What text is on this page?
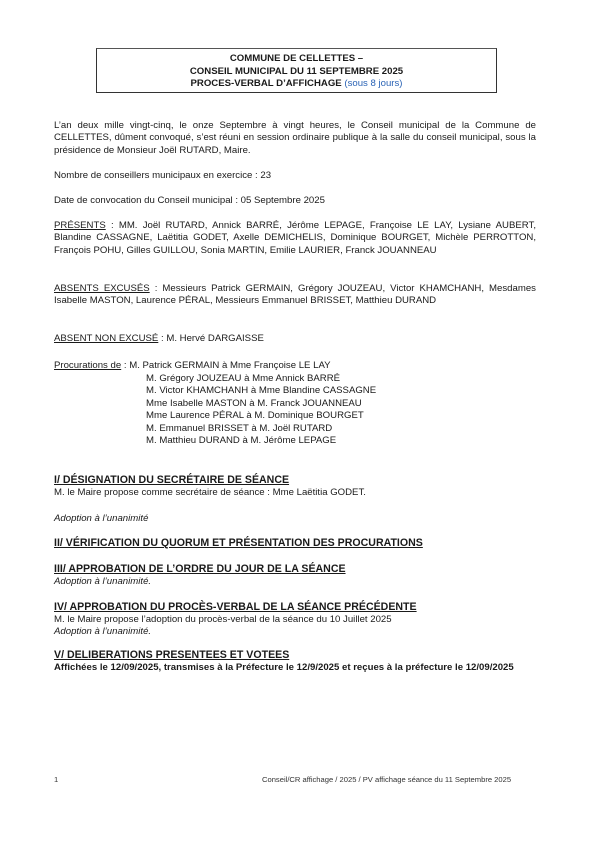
COMMUNE DE CELLETTES –
CONSEIL MUNICIPAL DU 11 SEPTEMBRE 2025
PROCES-VERBAL D’AFFICHAGE (sous 8 jours)
L’an deux mille vingt-cinq, le onze Septembre à vingt heures, le Conseil municipal de la Commune de CELLETTES, dûment convoqué, s’est réuni en session ordinaire publique à la salle du conseil municipal, sous la présidence de Monsieur Joël RUTARD, Maire.
Nombre de conseillers municipaux en exercice : 23
Date de convocation du Conseil municipal : 05 Septembre 2025
PRÉSENTS : MM. Joël RUTARD, Annick BARRÉ, Jérôme LEPAGE, Françoise LE LAY, Lysiane AUBERT, Blandine CASSAGNE, Laëtitia GODET, Axelle DEMICHELIS, Dominique BOURGET, Michèle PERROTTON, François POHU, Gilles GUILLOU, Sonia MARTIN, Emilie LAURIER, Franck JOUANNEAU
ABSENTS EXCUSÉS : Messieurs Patrick GERMAIN, Grégory JOUZEAU, Victor KHAMCHANH, Mesdames Isabelle MASTON, Laurence PÉRAL, Messieurs Emmanuel BRISSET, Matthieu DURAND
ABSENT NON EXCUSÉ : M. Hervé DARGAISSE
Procurations de : M. Patrick GERMAIN à Mme Françoise LE LAY
M. Grégory JOUZEAU à Mme Annick BARRÉ
M. Victor KHAMCHANH à Mme Blandine CASSAGNE
Mme Isabelle MASTON à M. Franck JOUANNEAU
Mme Laurence PÉRAL à M. Dominique BOURGET
M. Emmanuel BRISSET à M. Joël RUTARD
M. Matthieu DURAND à M. Jérôme LEPAGE
I/ DÉSIGNATION DU SECRÉTAIRE DE SÉANCE
M. le Maire propose comme secrétaire de séance : Mme Laëtitia GODET.
Adoption à l’unanimité
II/ VÉRIFICATION DU QUORUM ET PRÉSENTATION DES PROCURATIONS
III/ APPROBATION DE L’ORDRE DU JOUR DE LA SÉANCE
Adoption à l’unanimité.
IV/ APPROBATION DU PROCÈS-VERBAL DE LA SÉANCE PRÉCÉDENTE
M. le Maire propose l’adoption du procès-verbal de la séance du 10 Juillet 2025
Adoption à l’unanimité.
V/ DELIBERATIONS PRESENTEES ET VOTEES
Affichées le 12/09/2025, transmises à la Préfecture le 12/9/2025 et reçues à la préfecture le 12/09/2025
1	Conseil/CR affichage / 2025 / PV affichage séance du 11 Septembre 2025
